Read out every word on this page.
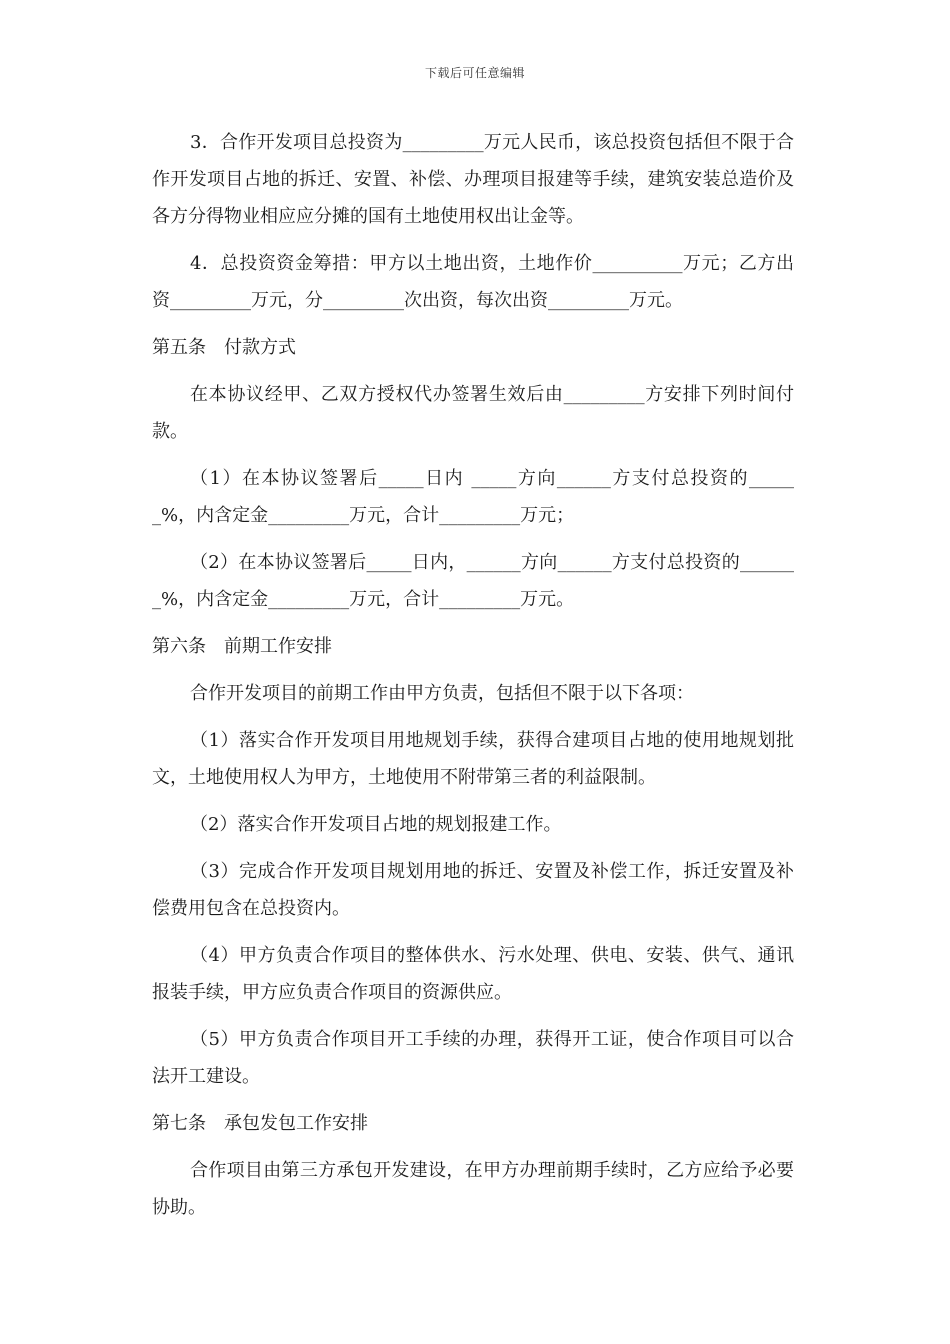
下载后可任意编辑

3．合作开发项目总投资为_________万元人民币，该总投资包括但不限于合作开发项目占地的拆迁、安置、补偿、办理项目报建等手续，建筑安装总造价及各方分得物业相应应分摊的国有土地使用权出让金等。

4．总投资资金筹措：甲方以土地出资，土地作价__________万元；乙方出资_________万元，分_________次出资，每次出资_________万元。

第五条　付款方式

在本协议经甲、乙双方授权代办签署生效后由_________方安排下列时间付款。

（1）在本协议签署后_____日内 _____方向______方支付总投资的______%，内含定金_________万元，合计_________万元；

（2）在本协议签署后_____日内，______方向______方支付总投资的_______%，内含定金_________万元，合计_________万元。

第六条　前期工作安排

合作开发项目的前期工作由甲方负责，包括但不限于以下各项：

（1）落实合作开发项目用地规划手续，获得合建项目占地的使用地规划批文，土地使用权人为甲方，土地使用不附带第三者的利益限制。

（2）落实合作开发项目占地的规划报建工作。

（3）完成合作开发项目规划用地的拆迁、安置及补偿工作，拆迁安置及补偿费用包含在总投资内。

（4）甲方负责合作项目的整体供水、污水处理、供电、安装、供气、通讯报装手续，甲方应负责合作项目的资源供应。

（5）甲方负责合作项目开工手续的办理，获得开工证，使合作项目可以合法开工建设。

第七条　承包发包工作安排

合作项目由第三方承包开发建设，在甲方办理前期手续时，乙方应给予必要协助。
